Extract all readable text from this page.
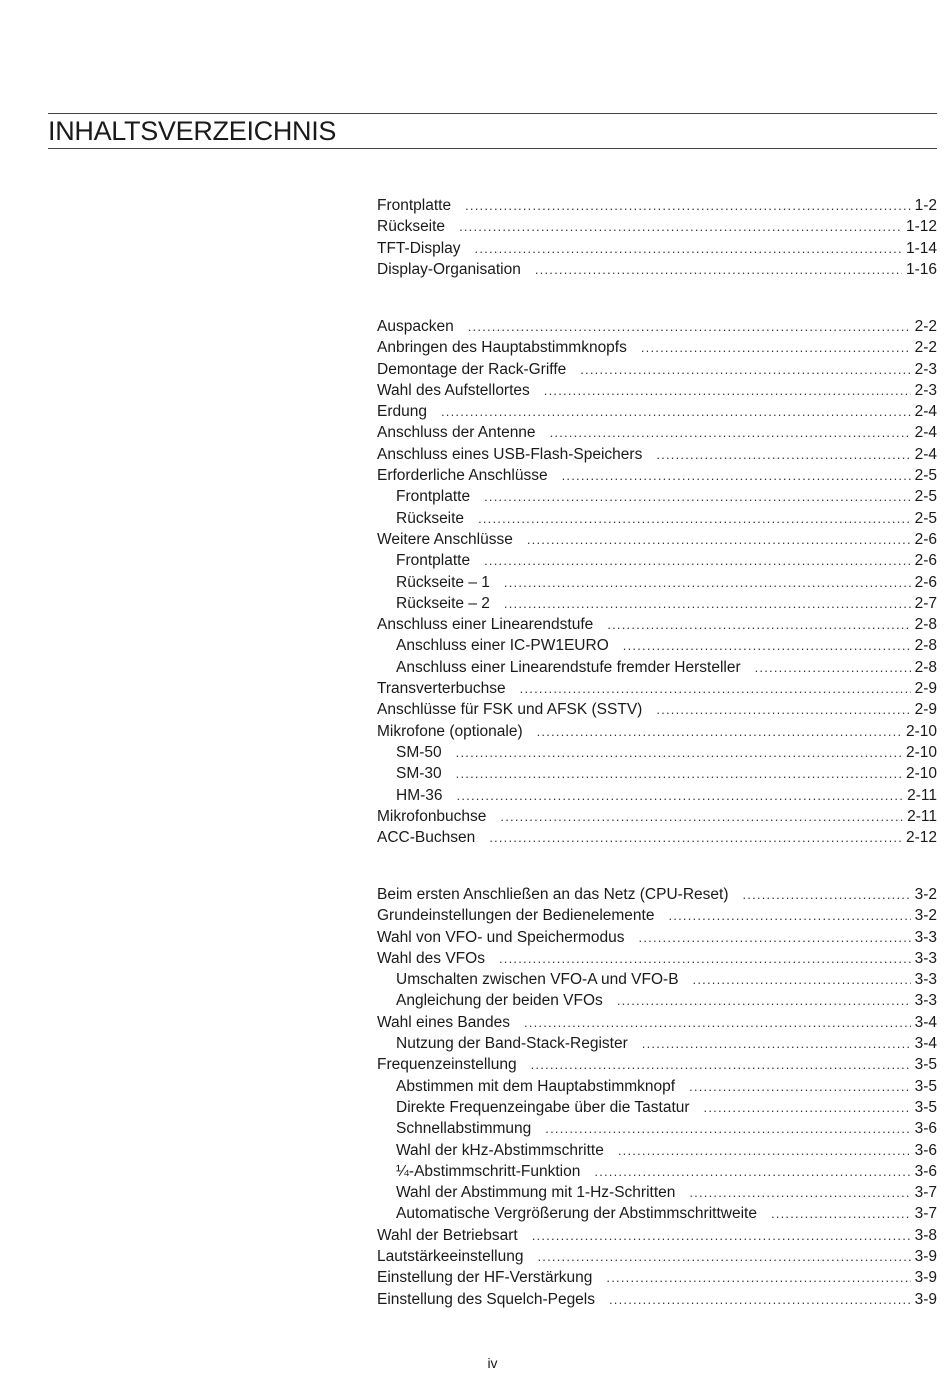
INHALTSVERZEICHNIS
Frontplatte .....	1-2
Rückseite .....	1-12
TFT-Display .....	1-14
Display-Organisation .....	1-16
Auspacken .....	2-2
Anbringen des Hauptabstimmknopfs .....	2-2
Demontage der Rack-Griffe .....	2-3
Wahl des Aufstellortes .....	2-3
Erdung .....	2-4
Anschluss der Antenne .....	2-4
Anschluss eines USB-Flash-Speichers .....	2-4
Erforderliche Anschlüsse .....	2-5
Frontplatte .....	2-5
Rückseite .....	2-5
Weitere Anschlüsse .....	2-6
Frontplatte .....	2-6
Rückseite – 1 .....	2-6
Rückseite – 2 .....	2-7
Anschluss einer Linearendstufe .....	2-8
Anschluss einer IC-PW1EURO .....	2-8
Anschluss einer Linearendstufe fremder Hersteller .....	2-8
Transverterbuchse .....	2-9
Anschlüsse für FSK und AFSK (SSTV) .....	2-9
Mikrofone (optionale) .....	2-10
SM-50 .....	2-10
SM-30 .....	2-10
HM-36 .....	2-11
Mikrofonbuchse .....	2-11
ACC-Buchsen .....	2-12
Beim ersten Anschließen an das Netz (CPU-Reset) .....	3-2
Grundeinstellungen der Bedienelemente .....	3-2
Wahl von VFO- und Speichermodus .....	3-3
Wahl des VFOs .....	3-3
Umschalten zwischen VFO-A und VFO-B .....	3-3
Angleichung der beiden VFOs .....	3-3
Wahl eines Bandes .....	3-4
Nutzung der Band-Stack-Register .....	3-4
Frequenzeinstellung .....	3-5
Abstimmen mit dem Hauptabstimmknopf .....	3-5
Direkte Frequenzeingabe über die Tastatur .....	3-5
Schnellabstimmung .....	3-6
Wahl der kHz-Abstimmschritte .....	3-6
¼-Abstimmschritt-Funktion .....	3-6
Wahl der Abstimmung mit 1-Hz-Schritten .....	3-7
Automatische Vergrößerung der Abstimmschrittweite .....	3-7
Wahl der Betriebsart .....	3-8
Lautstärkeeinstellung .....	3-9
Einstellung der HF-Verstärkung .....	3-9
Einstellung des Squelch-Pegels .....	3-9
iv
